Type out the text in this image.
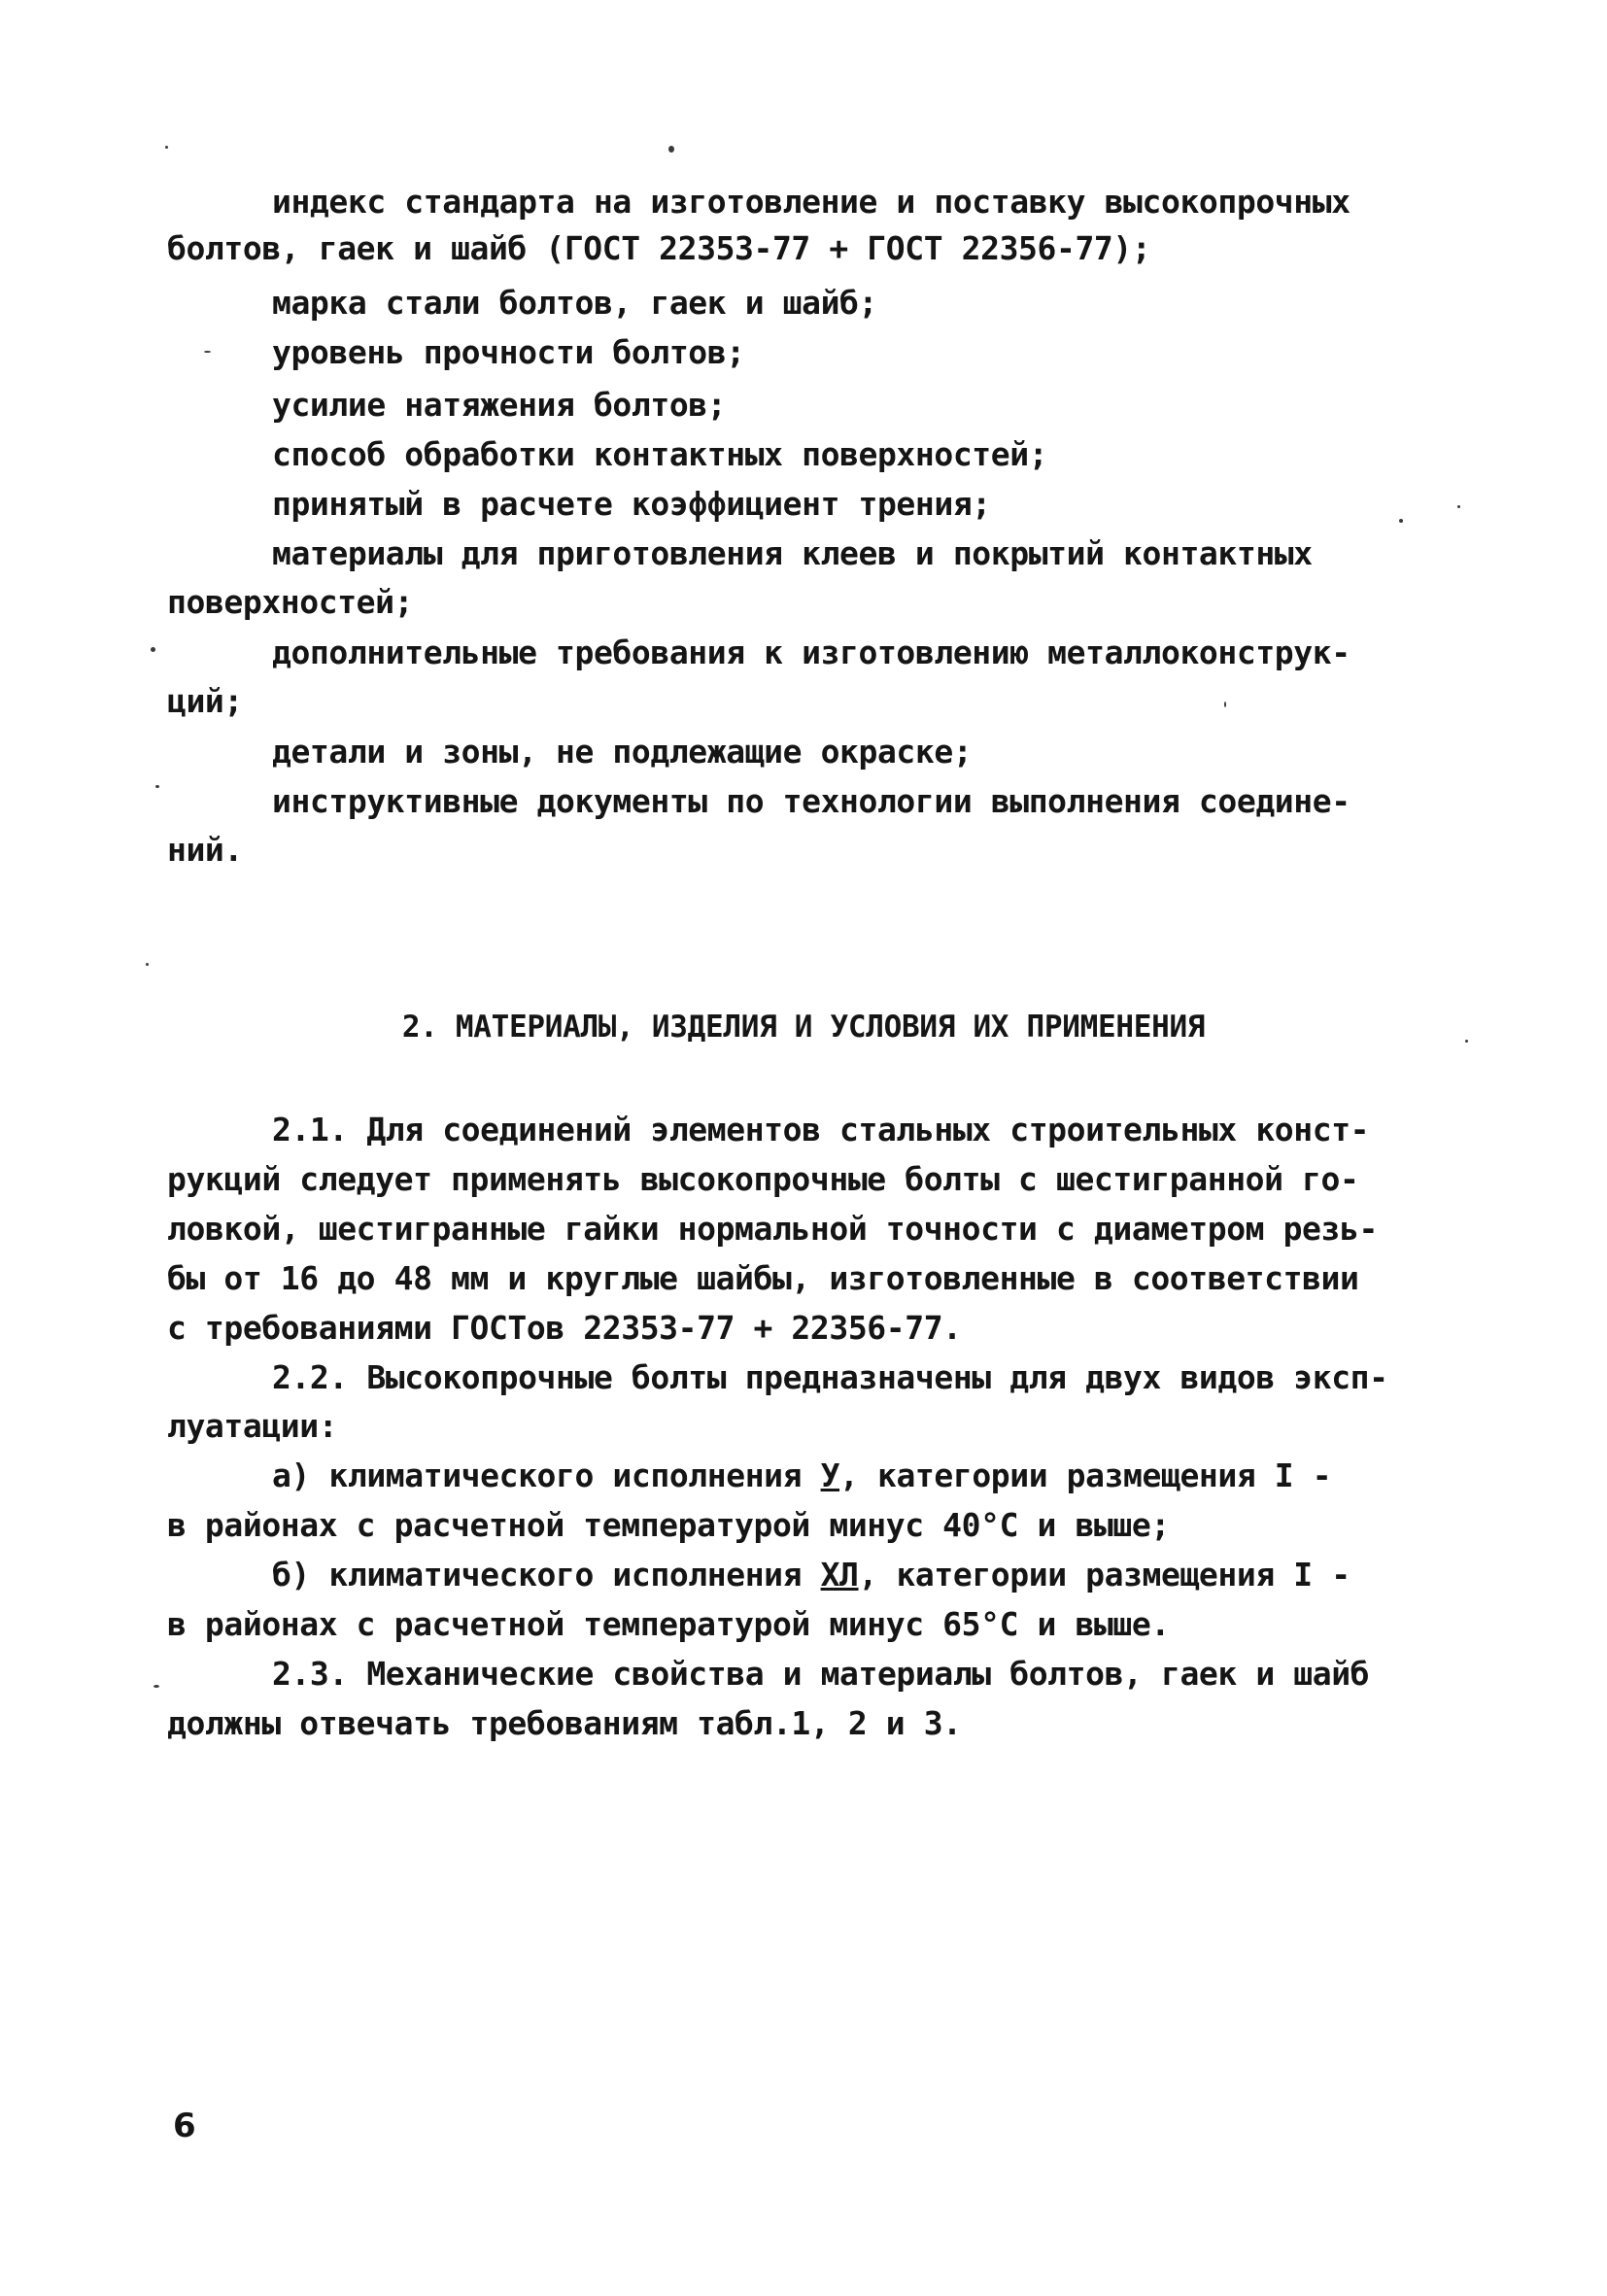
индекс стандарта на изготовление и поставку высокопрочных
болтов, гаек и шайб (ГОСТ 22353-77 + ГОСТ 22356-77);
марка стали болтов, гаек и шайб;
уровень прочности болтов;
усилие натяжения болтов;
способ обработки контактных поверхностей;
принятый в расчете коэффициент трения;
материалы для приготовления клеев и покрытий контактных
поверхностей;
дополнительные требования к изготовлению металлоконструк-
ций;
детали и зоны, не подлежащие окраске;
инструктивные документы по технологии выполнения соедине-
ний.
2. МАТЕРИАЛЫ, ИЗДЕЛИЯ И УСЛОВИЯ ИХ ПРИМЕНЕНИЯ
2.1. Для соединений элементов стальных строительных конст-
рукций следует применять высокопрочные болты с шестигранной го-
ловкой, шестигранные гайки нормальной точности с диаметром резь-
бы от 16 до 48 мм и круглые шайбы, изготовленные в соответствии
с требованиями ГОСТов 22353-77 + 22356-77.
2.2. Высокопрочные болты предназначены для двух видов эксп-
луатации:
а) климатического исполнения У, категории размещения I -
в районах с расчетной температурой минус 40°С и выше;
б) климатического исполнения ХЛ, категории размещения I -
в районах с расчетной температурой минус 65°С и выше.
2.3. Механические свойства и материалы болтов, гаек и шайб
должны отвечать требованиям табл.1, 2 и 3.
6
